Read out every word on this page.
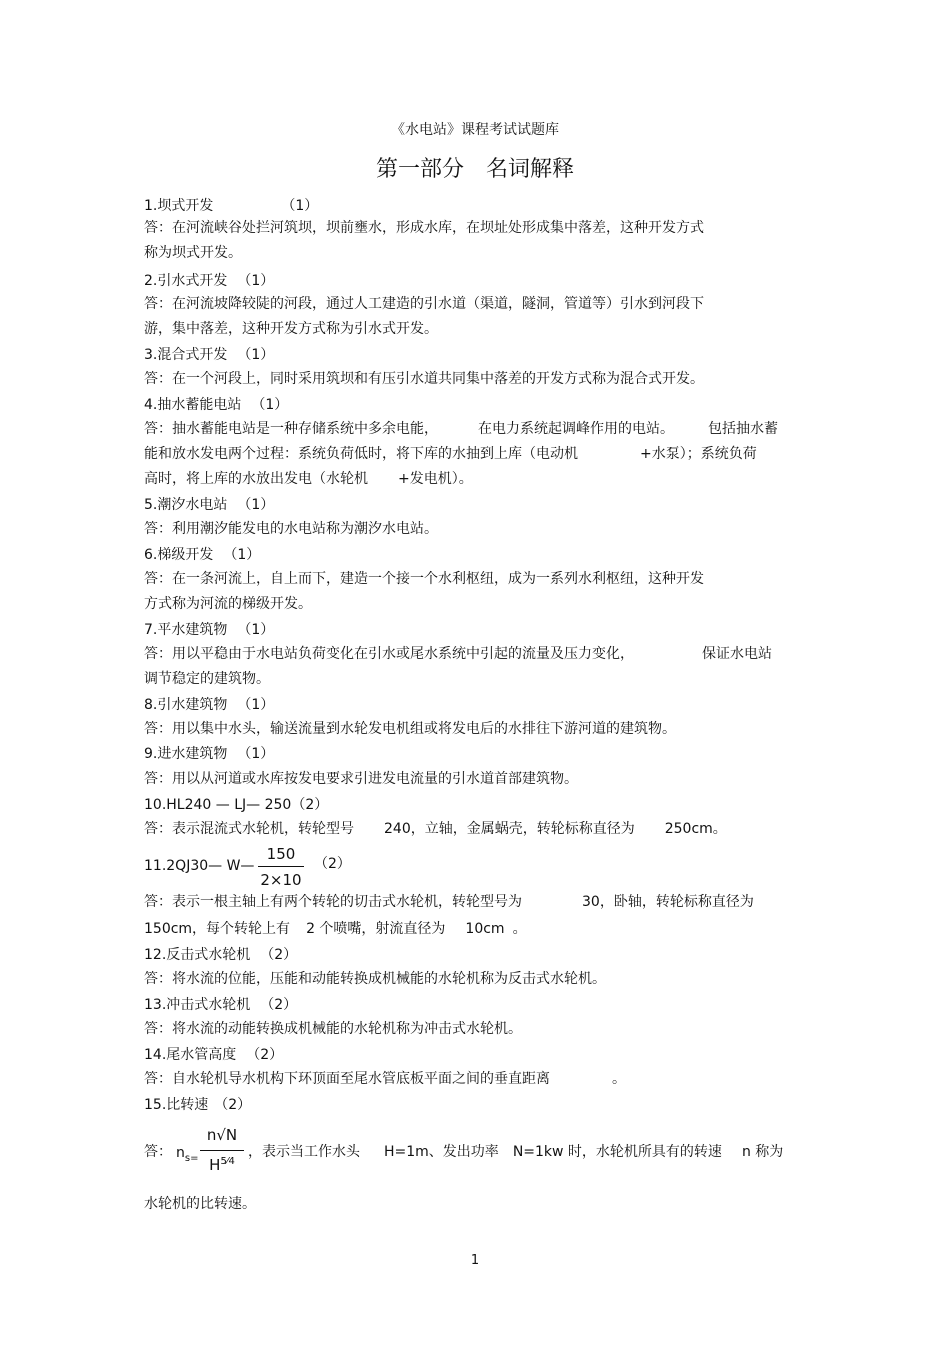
《水电站》课程考试试题库
第一部分　名词解释
1.坝式开发	（1）
答：在河流峡谷处拦河筑坝，坝前壅水，形成水库，在坝址处形成集中落差，这种开发方式
称为坝式开发。
2.引水式开发 （1）
答：在河流坡降较陡的河段，通过人工建造的引水道（渠道，隧洞，管道等）引水到河段下
游，集中落差，这种开发方式称为引水式开发。
3.混合式开发 （1）
答：在一个河段上，同时采用筑坝和有压引水道共同集中落差的开发方式称为混合式开发。
4.抽水蓄能电站 （1）
答：抽水蓄能电站是一种存储系统中多余电能，	在电力系统起调峰作用的电站。 包括抽水蓄
能和放水发电两个过程：系统负荷低时，将下库的水抽到上库（电动机	+水泵）；系统负荷
高时，将上库的水放出发电（水轮机 +发电机）。
5.潮汐水电站 （1）
答：利用潮汐能发电的水电站称为潮汐水电站。
6.梯级开发 （1）
答：在一条河流上，自上而下，建造一个接一个水利枢纽，成为一系列水利枢纽，这种开发
方式称为河流的梯级开发。
7.平水建筑物 （1）
答：用以平稳由于水电站负荷变化在引水或尾水系统中引起的流量及压力变化，	保证水电站
调节稳定的建筑物。
8.引水建筑物 （1）
答：用以集中水头，输送流量到水轮发电机组或将发电后的水排往下游河道的建筑物。
9.进水建筑物 （1）
答：用以从河道或水库按发电要求引进发电流量的引水道首部建筑物。
10.HL240 — LJ— 250（2）
答：表示混流式水轮机，转轮型号 240，立轴，金属蜗壳，转轮标称直径为 250cm。
11.2QJ30— W—
150
2×10
（2）
答：表示一根主轴上有两个转轮的切击式水轮机，转轮型号为	30，卧轴，转轮标称直径为
150cm，每个转轮上有 2 个喷嘴，射流直径为 10cm 。
12.反击式水轮机 （2）
答：将水流的位能，压能和动能转换成机械能的水轮机称为反击式水轮机。
13.冲击式水轮机 （2）
答：将水流的动能转换成机械能的水轮机称为冲击式水轮机。
14.尾水管高度 （2）
答：自水轮机导水机构下环顶面至尾水管底板平面之间的垂直距离	。
15.比转速 （2）
答： $n_{s=}$
n√N
$H^{5⁄4}$
，表示当工作水头 H=1m、发出功率 N=1kw 时，水轮机所具有的转速 n 称为
水轮机的比转速。
1
